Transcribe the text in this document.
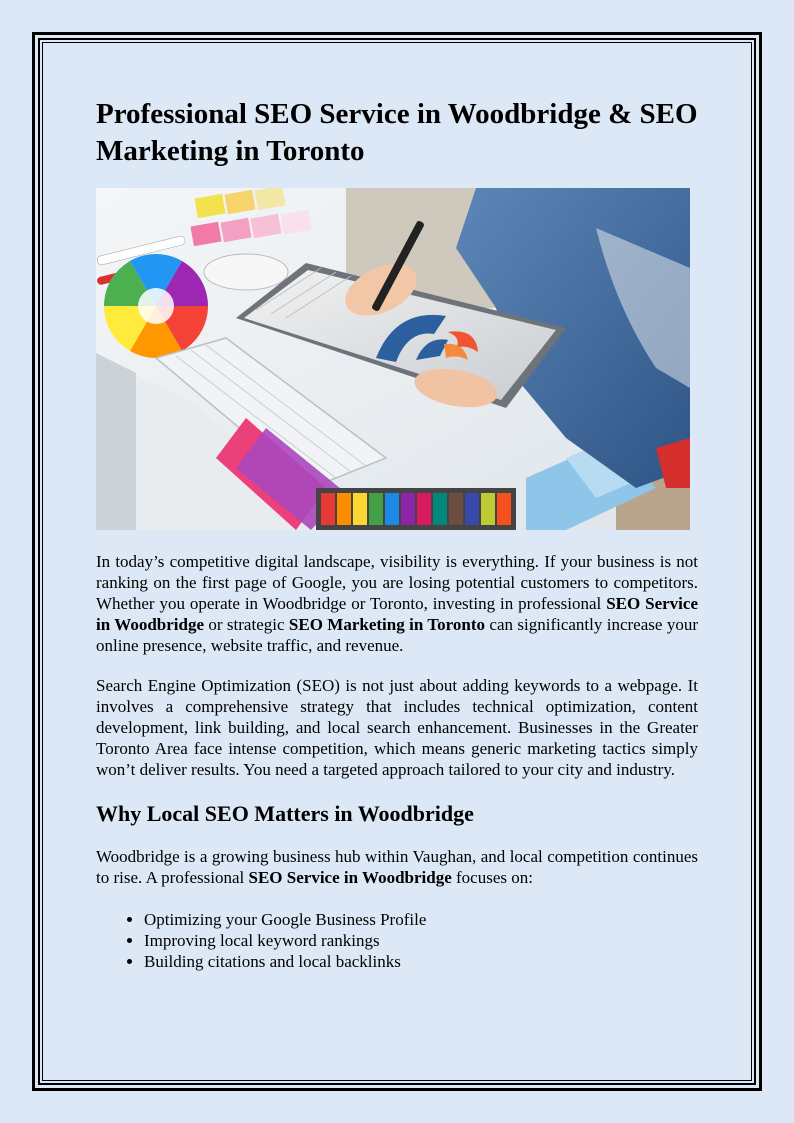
Professional SEO Service in Woodbridge & SEO Marketing in Toronto

In today’s competitive digital landscape, visibility is everything. If your business is not ranking on the first page of Google, you are losing potential customers to competitors. Whether you operate in Woodbridge or Toronto, investing in professional SEO Service in Woodbridge or strategic SEO Marketing in Toronto can significantly increase your online presence, website traffic, and revenue.

Search Engine Optimization (SEO) is not just about adding keywords to a webpage. It involves a comprehensive strategy that includes technical optimization, content development, link building, and local search enhancement. Businesses in the Greater Toronto Area face intense competition, which means generic marketing tactics simply won’t deliver results. You need a targeted approach tailored to your city and industry.

Why Local SEO Matters in Woodbridge

Woodbridge is a growing business hub within Vaughan, and local competition continues to rise. A professional SEO Service in Woodbridge focuses on:

• Optimizing your Google Business Profile
• Improving local keyword rankings
• Building citations and local backlinks
